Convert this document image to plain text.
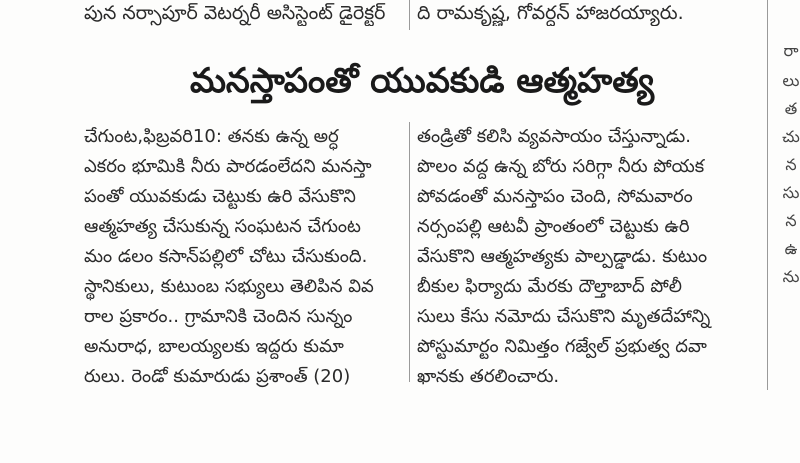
పున నర్సాపూర్ వెటర్నరీ అసిస్టెంట్ డైరెక్టర్	ది రామకృష్ణ, గోవర్ధన్ హాజరయ్యారు.
మనస్తాపంతో యువకుడి ఆత్మహత్య
చేగుంట,ఫిబ్రవరి10: తనకు ఉన్న అర్ధ
ఎకరం భూమికి నీరు పారడంలేదని మనస్తా
పంతో యువకుడు చెట్టుకు ఉరి వేసుకొని
ఆత్మహత్య చేసుకున్న సంఘటన చేగుంట
మం డలం కసాన్‌పల్లిలో చోటు చేసుకుంది.
స్థానికులు, కుటుంబ సభ్యులు తెలిపిన వివ
రాల ప్రకారం.. గ్రామానికి చెందిన సున్నం
అనురాధ, బాలయ్యలకు ఇద్దరు కుమా
రులు. రెండో కుమారుడు ప్రశాంత్ (20)
తండ్రితో కలిసి వ్యవసాయం చేస్తున్నాడు.
పొలం వద్ద ఉన్న బోరు సరిగ్గా నీరు పోయక
పోవడంతో మనస్తాపం చెంది, సోమవారం
నర్సంపల్లి ఆటవీ ప్రాంతంలో చెట్టుకు ఉరి
వేసుకొని ఆత్మహత్యకు పాల్పడ్డాడు. కుటుం
బీకుల ఫిర్యాదు మేరకు దౌల్తాబాద్ పోలీ
సులు కేసు నమోదు చేసుకొని మృతదేహాన్ని
పోస్టుమార్టం నిమిత్తం గజ్వేల్ ప్రభుత్వ దవా
ఖానకు తరలించారు.
రా
లు
త
చు
న
సు
న
ఉ
ను
